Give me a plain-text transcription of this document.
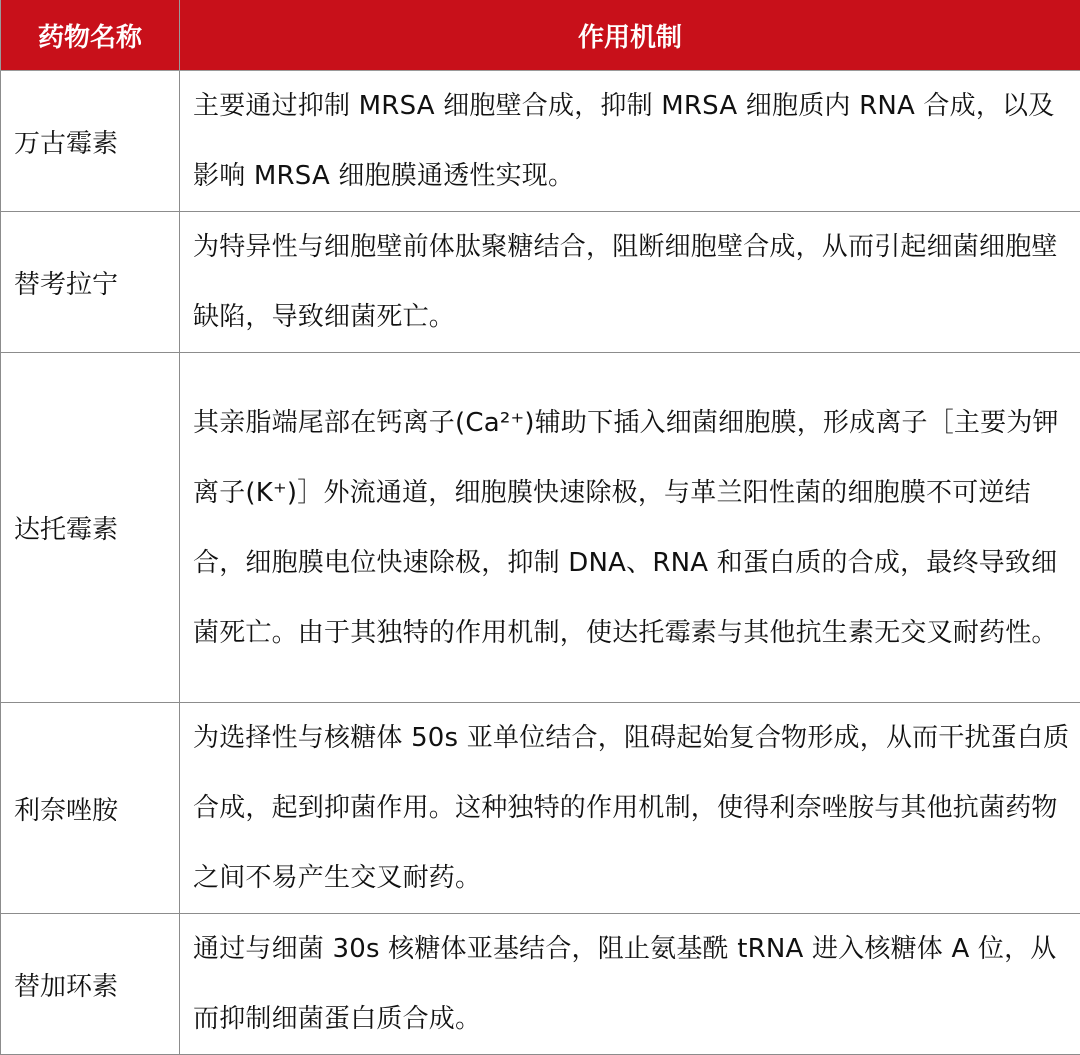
药物名称	作用机制
万古霉素	主要通过抑制 MRSA 细胞壁合成，抑制 MRSA 细胞质内 RNA 合成，以及影响 MRSA 细胞膜通透性实现。
替考拉宁	为特异性与细胞壁前体肽聚糖结合，阻断细胞壁合成，从而引起细菌细胞壁缺陷，导致细菌死亡。
达托霉素	其亲脂端尾部在钙离子(Ca²⁺)辅助下插入细菌细胞膜，形成离子［主要为钾离子(K⁺)］外流通道，细胞膜快速除极，与革兰阳性菌的细胞膜不可逆结合，细胞膜电位快速除极，抑制 DNA、RNA 和蛋白质的合成，最终导致细菌死亡。由于其独特的作用机制，使达托霉素与其他抗生素无交叉耐药性。
利奈唑胺	为选择性与核糖体 50s 亚单位结合，阻碍起始复合物形成，从而干扰蛋白质合成，起到抑菌作用。这种独特的作用机制，使得利奈唑胺与其他抗菌药物之间不易产生交叉耐药。
替加环素	通过与细菌 30s 核糖体亚基结合，阻止氨基酰 tRNA 进入核糖体 A 位，从而抑制细菌蛋白质合成。
